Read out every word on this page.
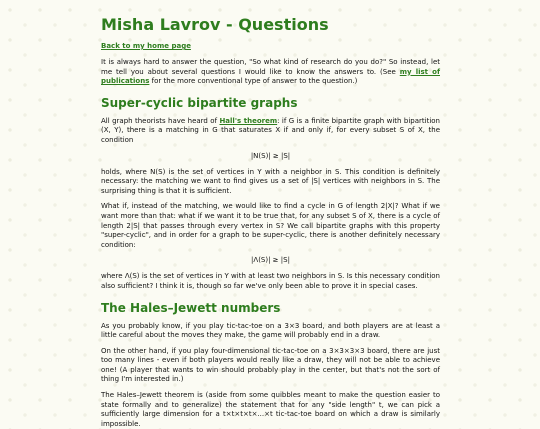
Misha Lavrov - Questions
Back to my home page

It is always hard to answer the question, "So what kind of research do you do?" So instead, let me tell you about several questions I would like to know the answers to. (See my list of publications for the more conventional type of answer to the question.)

Super-cyclic bipartite graphs

All graph theorists have heard of Hall's theorem: if G is a finite bipartite graph with bipartition (X, Y), there is a matching in G that saturates X if and only if, for every subset S of X, the condition

|N(S)| ≥ |S|

holds, where N(S) is the set of vertices in Y with a neighbor in S. This condition is definitely necessary: the matching we want to find gives us a set of |S| vertices with neighbors in S. The surprising thing is that it is sufficient.

What if, instead of the matching, we would like to find a cycle in G of length 2|X|? What if we want more than that: what if we want it to be true that, for any subset S of X, there is a cycle of length 2|S| that passes through every vertex in S? We call bipartite graphs with this property "super-cyclic", and in order for a graph to be super-cyclic, there is another definitely necessary condition:

|Λ(S)| ≥ |S|

where Λ(S) is the set of vertices in Y with at least two neighbors in S. Is this necessary condition also sufficient? I think it is, though so far we've only been able to prove it in special cases.

The Hales–Jewett numbers

As you probably know, if you play tic-tac-toe on a 3×3 board, and both players are at least a little careful about the moves they make, the game will probably end in a draw.

On the other hand, if you play four-dimensional tic-tac-toe on a 3×3×3×3 board, there are just too many lines - even if both players would really like a draw, they will not be able to achieve one! (A player that wants to win should probably play in the center, but that's not the sort of thing I'm interested in.)

The Hales–Jewett theorem is (aside from some quibbles meant to make the question easier to state formally and to generalize) the statement that for any "side length" t, we can pick a sufficiently large dimension for a t×t×t×t×...×t tic-tac-toe board on which a draw is similarly impossible.
